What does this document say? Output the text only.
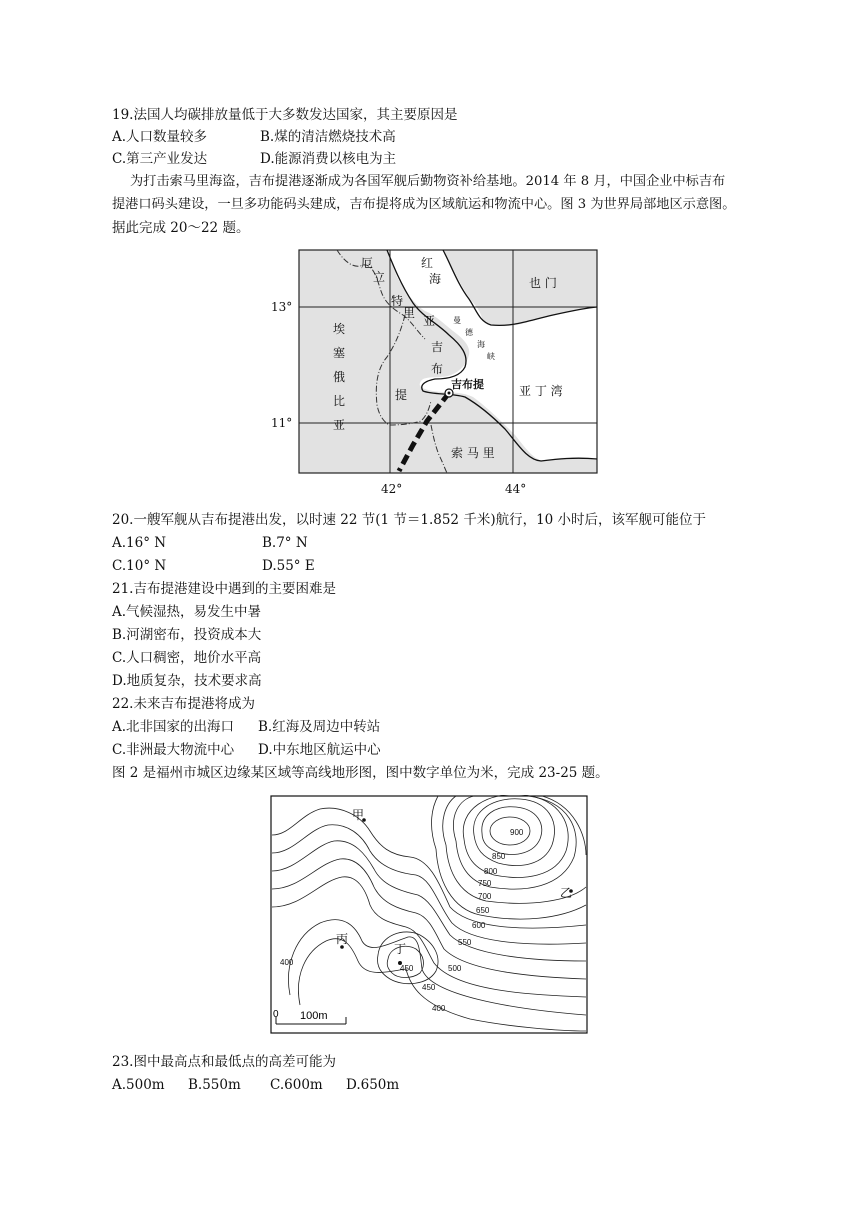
19.法国人均碳排放量低于大多数发达国家，其主要原因是
A.人口数量较多	B.煤的清洁燃烧技术高
C.第三产业发达	D.能源消费以核电为主
为打击索马里海盗，吉布提港逐渐成为各国军舰后勤物资补给基地。2014 年 8 月，中国企业中标吉布
提港口码头建设，一旦多功能码头建成，吉布提将成为区域航运和物流中心。图 3 为世界局部地区示意图。
据此完成 20～22 题。
13°
11°
42°	44°
厄
立
特
里
亚
红
海	也 门
埃
塞
俄
比
亚
曼
德
海
峡
吉
布
提
吉布提	亚 丁 湾
索 马 里
20.一艘军舰从吉布提港出发，以时速 22 节(1 节＝1.852 千米)航行，10 小时后，该军舰可能位于
A.16° N	B.7° N
C.10° N	D.55° E
21.吉布提港建设中遇到的主要困难是
A.气候湿热，易发生中暑
B.河湖密布，投资成本大
C.人口稠密，地价水平高
D.地质复杂，技术要求高
22.未来吉布提港将成为
A.北非国家的出海口 B.红海及周边中转站
C.非洲最大物流中心 D.中东地区航运中心
图 2 是福州市城区边缘某区域等高线地形图，图中数字单位为米，完成 23-25 题。
甲
乙
丙
丁
900
850
800
750
700
650
600
550
500
450
400
450
400
0 100m
23.图中最高点和最低点的高差可能为
A.500m B.550m C.600m D.650m
